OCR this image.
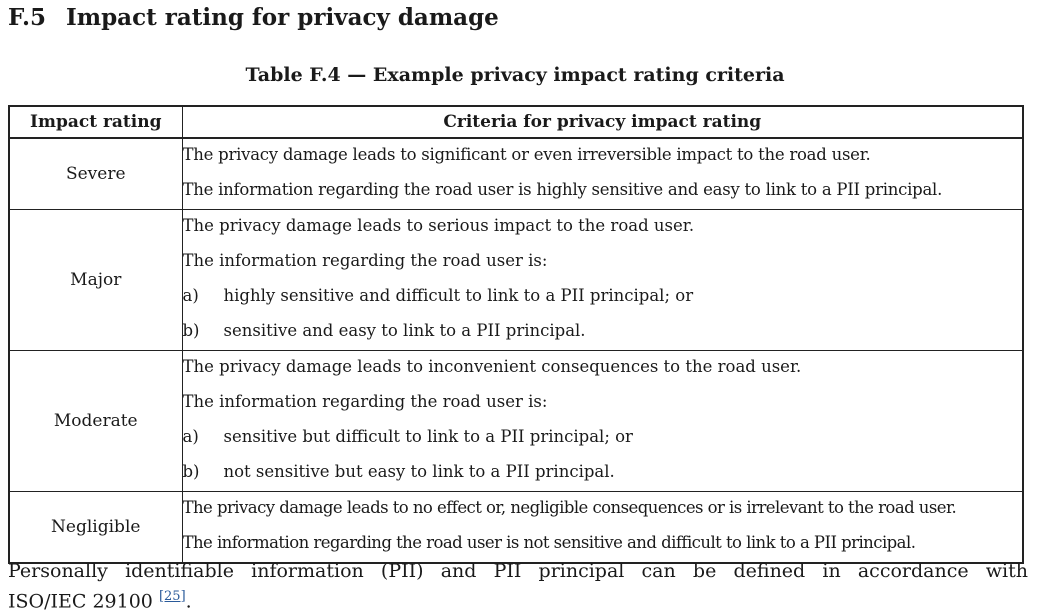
F.5 Impact rating for privacy damage
Table F.4 — Example privacy impact rating criteria
Impact rating	Criteria for privacy impact rating
Severe	The privacy damage leads to significant or even irreversible impact to the road user.
The information regarding the road user is highly sensitive and easy to link to a PII principal.

Major	The privacy damage leads to serious impact to the road user.
The information regarding the road user is:
a) highly sensitive and difficult to link to a PII principal; or
b) sensitive and easy to link to a PII principal.

Moderate	The privacy damage leads to inconvenient consequences to the road user.
The information regarding the road user is:
a) sensitive but difficult to link to a PII principal; or
b) not sensitive but easy to link to a PII principal.

Negligible	The privacy damage leads to no effect or, negligible consequences or is irrelevant to the road user.
The information regarding the road user is not sensitive and difficult to link to a PII principal.
Personally identifiable information (PII) and PII principal can be defined in accordance with
ISO/IEC 29100 [25].
